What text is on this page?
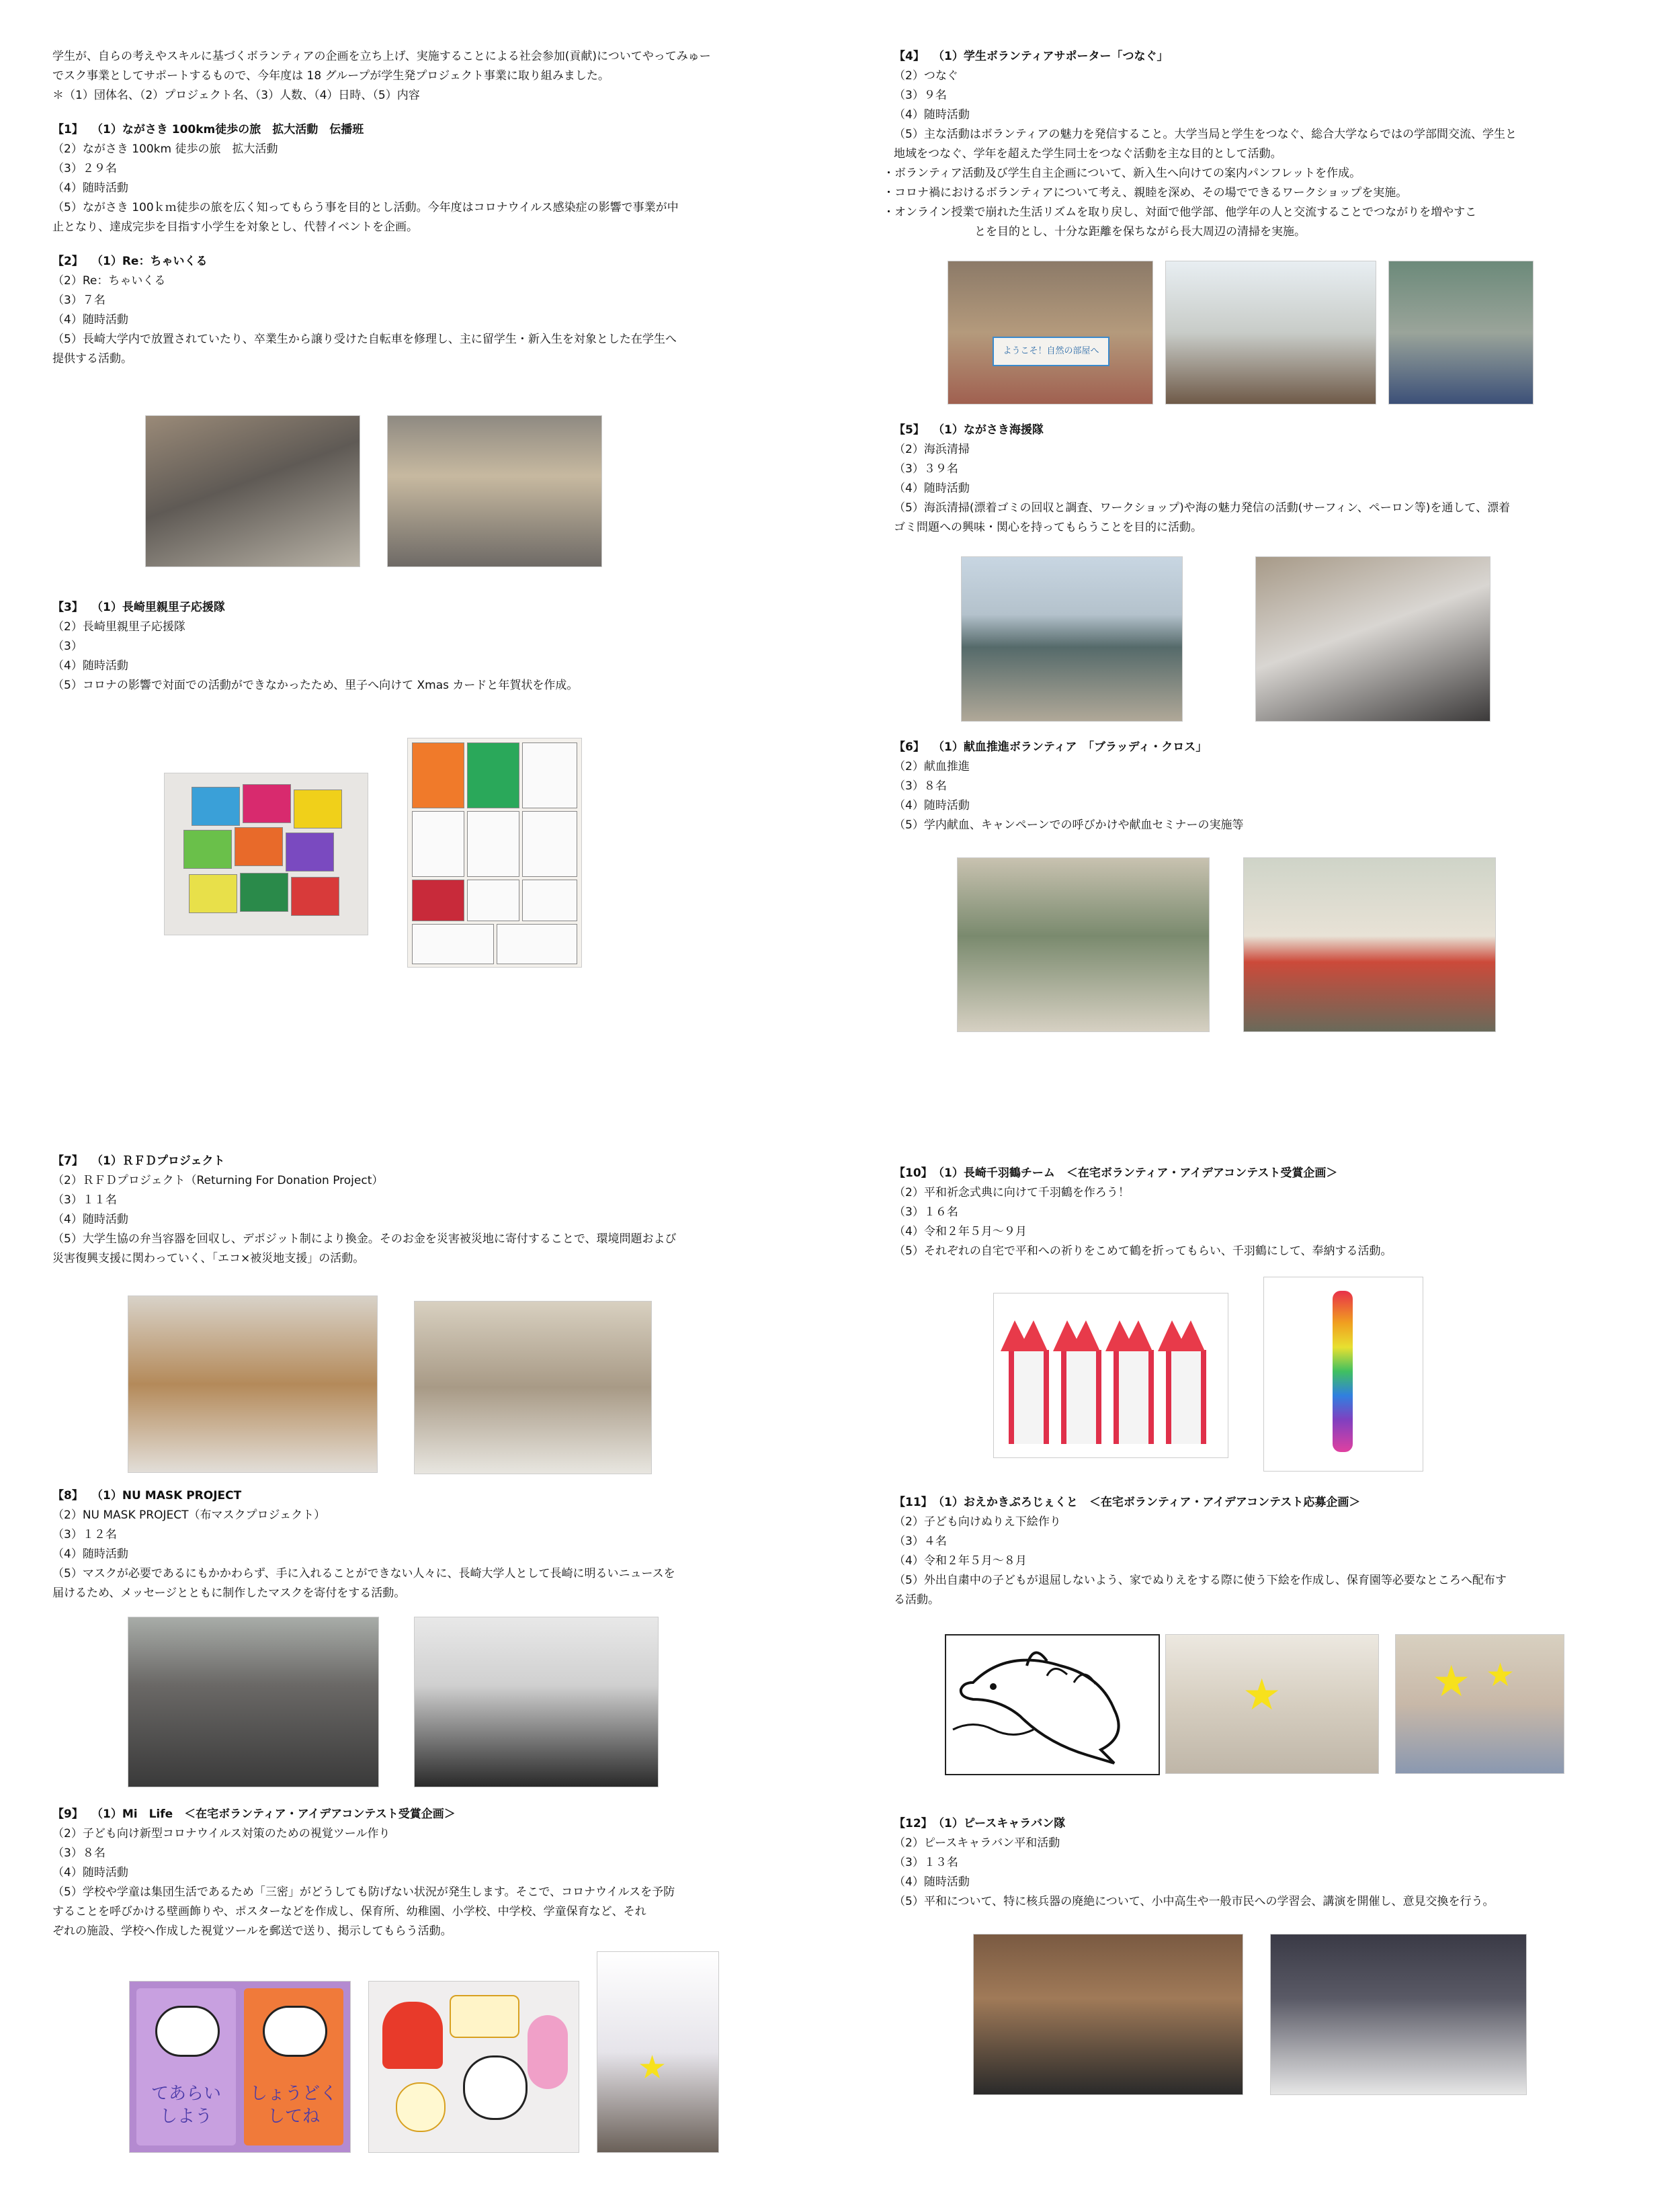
学生が、自らの考えやスキルに基づくボランティアの企画を立ち上げ、実施することによる社会参加(貢献)についてやってみゅー

でスク事業としてサポートするもので、今年度は 18 グループが学生発プロジェクト事業に取り組みました。

＊（1）団体名、（2）プロジェクト名、（3）人数、（4）日時、（5）内容

【1】 （1）ながさき 100km徒歩の旅　拡大活動　伝播班

（2）ながさき 100km 徒歩の旅　拡大活動

（3）２９名

（4）随時活動

（5）ながさき 100ｋｍ徒歩の旅を広く知ってもらう事を目的とし活動。今年度はコロナウイルス感染症の影響で事業が中

止となり、達成完歩を目指す小学生を対象とし、代替イベントを企画。

【2】 （1）Re：ちゃいくる

（2）Re：ちゃいくる

（3）７名

（4）随時活動

（5）長崎大学内で放置されていたり、卒業生から譲り受けた自転車を修理し、主に留学生・新入生を対象とした在学生へ

提供する活動。

【3】 （1）長崎里親里子応援隊

（2）長崎里親里子応援隊

（3）

（4）随時活動

（5）コロナの影響で対面での活動ができなかったため、里子へ向けて Xmas カードと年賀状を作成。

【4】 （1）学生ボランティアサポーター「つなぐ」

（2）つなぐ

（3）９名

（4）随時活動

（5）主な活動はボランティアの魅力を発信すること。大学当局と学生をつなぐ、総合大学ならではの学部間交流、学生と

地域をつなぐ、学年を超えた学生同士をつなぐ活動を主な目的として活動。

・ボランティア活動及び学生自主企画について、新入生へ向けての案内パンフレットを作成。

・コロナ禍におけるボランティアについて考え、親睦を深め、その場でできるワークショップを実施。

・オンライン授業で崩れた生活リズムを取り戻し、対面で他学部、他学年の人と交流することでつながりを増やすこ

とを目的とし、十分な距離を保ちながら長大周辺の清掃を実施。

ようこそ！自然の部屋へ

【5】 （1）ながさき海援隊

（2）海浜清掃

（3）３９名

（4）随時活動

（5）海浜清掃(漂着ゴミの回収と調査、ワークショップ)や海の魅力発信の活動(サーフィン、ペーロン等)を通して、漂着

ゴミ問題への興味・関心を持ってもらうことを目的に活動。

【6】 （1）献血推進ボランティア　「ブラッディ・クロス」

（2）献血推進

（3）８名

（4）随時活動

（5）学内献血、キャンペーンでの呼びかけや献血セミナーの実施等

【7】 （1）ＲＦＤプロジェクト

（2）ＲＦＤプロジェクト（Returning For Donation Project）

（3）１１名

（4）随時活動

（5）大学生協の弁当容器を回収し、デポジット制により換金。そのお金を災害被災地に寄付することで、環境問題および

災害復興支援に関わっていく、「エコ×被災地支援」の活動。

【8】 （1）NU MASK PROJECT

（2）NU MASK PROJECT（布マスクプロジェクト）

（3）１２名

（4）随時活動

（5）マスクが必要であるにもかかわらず、手に入れることができない人々に、長崎大学人として長崎に明るいニュースを

届けるため、メッセージとともに制作したマスクを寄付をする活動。

【9】 （1）Mi　Life　＜在宅ボランティア・アイデアコンテスト受賞企画＞

（2）子ども向け新型コロナウイルス対策のための視覚ツール作り

（3）８名

（4）随時活動

（5）学校や学童は集団生活であるため「三密」がどうしても防げない状況が発生します。そこで、コロナウイルスを予防

することを呼びかける壁画飾りや、ポスターなどを作成し、保育所、幼稚園、小学校、中学校、学童保育など、それ

ぞれの施設、学校へ作成した視覚ツールを郵送で送り、掲示してもらう活動。

てあらい
しよう
しょうどく
してね
★

【10】（1）長崎千羽鶴チーム　＜在宅ボランティア・アイデアコンテスト受賞企画＞

（2）平和祈念式典に向けて千羽鶴を作ろう！

（3）１６名

（4）令和２年５月〜９月

（5）それぞれの自宅で平和への祈りをこめて鶴を折ってもらい、千羽鶴にして、奉納する活動。

【11】（1）おえかきぷろじぇくと　＜在宅ボランティア・アイデアコンテスト応募企画＞

（2）子ども向けぬりえ下絵作り

（3）４名

（4）令和２年５月〜８月

（5）外出自粛中の子どもが退屈しないよう、家でぬりえをする際に使う下絵を作成し、保育園等必要なところへ配布す

る活動。

★	★ ★

【12】（1）ピースキャラバン隊

（2）ピースキャラバン平和活動

（3）１３名

（4）随時活動

（5）平和について、特に核兵器の廃絶について、小中高生や一般市民への学習会、講演を開催し、意見交換を行う。
